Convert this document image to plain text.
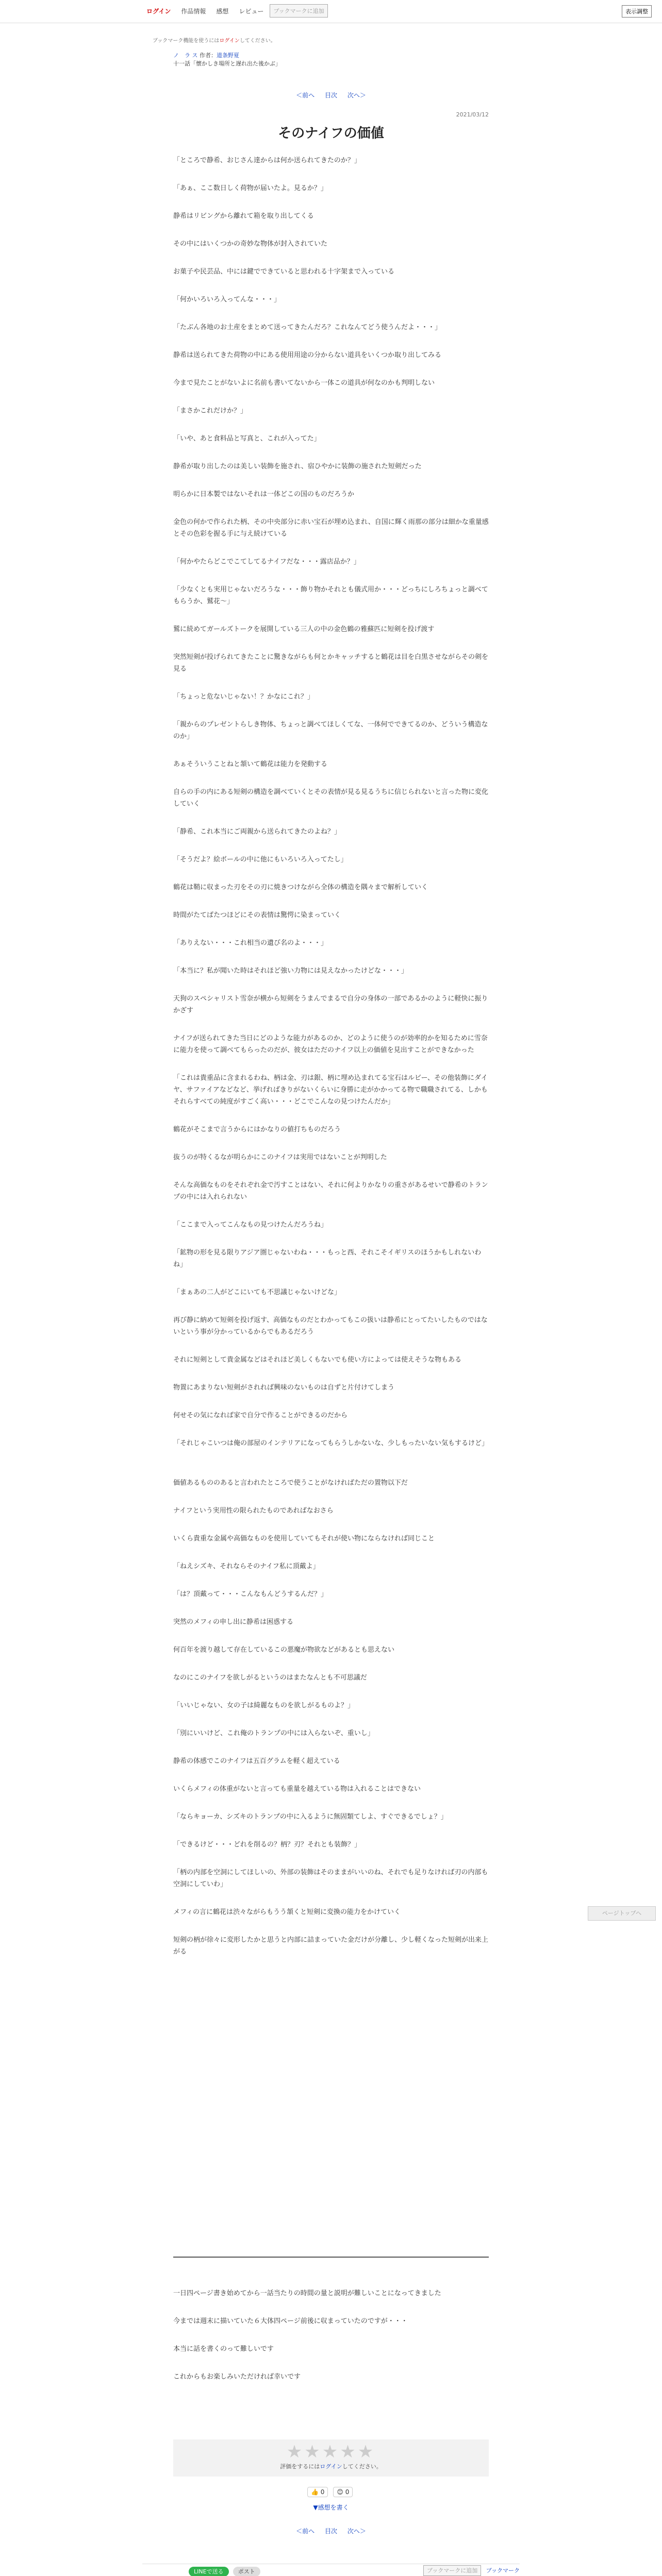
ログイン	作品情報	感想	レビュー	ブックマークに追加	表示調整
ブックマーク機能を使うにはログインしてください。
ノ　ラ ス 作者：道条野夏
十一話「懐かしき場所と遅れ出た後かぶ」
＜前へ 目次 次へ＞
2021/03/12
そのナイフの価値

「ところで静希、おじさん達からは何か送られてきたのか？」

「あぁ、ここ数日しく荷物が届いたよ。見るか？」

静希はリビングから離れて箱を取り出してくる

その中にはいくつかの奇妙な物体が封入されていた

お菓子や民芸品、中には鍵でできていると思われる十字架まで入っている

「何かいろいろ入ってんな・・・」

「たぶん各地のお土産をまとめて送ってきたんだろ？これなんてどう使うんだよ・・・」

静希は送られてきた荷物の中にある使用用途の分からない道具をいくつか取り出してみる

今まで見たことがないよに名前も書いてないから一体この道具が何なのかも判明しない

「まさかこれだけか？」

「いや、あと食料品と写真と、これが入ってた」

静希が取り出したのは美しい装飾を施され、宿ひやかに装飾の施された短剣だった

明らかに日本製ではないそれは一体どこの国のものだろうか

金色の何かで作られた柄、その中央部分に赤い宝石が埋め込まれ、自国に輝く雨那の部分は細かな重量感とその色彩を握る手に与え続けている

「何かやたらどこでこてしてるナイフだな・・・露店品か？」

「少なくとも実用じゃないだろうな・・・飾り物かそれとも儀式用か・・・どっちにしろちょっと調べてもらうか、鷲花〜」

鷲に続めてガールズトークを展開している三人の中の金色鶴の雅蘇匹に短剣を投げ渡す

突然短剣が投げられてきたことに驚きながらも何とかキャッチすると鶴花は目を白黒させながらその剣を見る

「ちょっと危ないじゃない！？かなにこれ？」

「親からのプレゼントらしき物体、ちょっと調べてほしくてな、一体何でできてるのか、どういう構造なのか」

あぁそういうことねと頷いて鶴花は能力を発動する

自らの手の内にある短剣の構造を調べていくとその表情が見る見るうちに信じられないと言った物に変化していく

「静希、これ本当にご両親から送られてきたのよね？」

「そうだよ？絵ボールの中に他にもいろいろ入ってたし」

鶴花は鞘に収まった刃をその刃に焼きつけながら全体の構造を隅々まで解析していく

時間がたてばたつほどにその表情は驚愕に染まっていく

「ありえない・・・これ相当の遺び名のよ・・・」

「本当に？私が聞いた時はそれほど強い力物には見えなかったけどな・・・」

天狗のスペシャリスト雪奈が横から短剣をうまんでまるで自分の身体の一部であるかのように軽快に振りかざす

ナイフが送られてきた当日にどのような能力があるのか、どのように使うのが効率的かを知るために雪奈に能力を使って調べてもらったのだが、彼女はただのナイフ以上の価値を見出すことができなかった

「これは貴重品に含まれるわね、柄は金、刃は銀、柄に埋め込まれてる宝石はルビー、その他装飾にダイヤ、サファイアなどなど、挙げればきりがないくらいに身勝に走がかかってる物で職職されてる、しかもそれらすべての純度がすごく高い・・・どこでこんなの見つけたんだか」

鶴花がそこまで言うからにはかなりの値打ちものだろう

抜うのが特くるなが明らかにこのナイフは実用ではないことが判明した

そんな高価なものをそれぞれ金で汚すことはない、それに何よりかなりの重さがあるせいで静希のトランプの中には入れられない

「ここまで入ってこんなもの見つけたんだろうね」

「鉱物の形を見る限りアジア圏じゃないわね・・・もっと西、それこそイギリスのほうかもしれないわね」

「まぁあの二人がどこにいても不思議じゃないけどな」

再び静に納めて短剣を投げ返す、高価なものだとわかってもこの扱いは静希にとってたいしたものではないという事が分かっているからでもあるだろう

それに短剣として貴金属などはそれほど美しくもないでも使い方によっては使えそうな物もある

物置にあまりない短剣がされれば興味のないものは自ずと片付けてしまう

何せその気になれば家で自分で作ることができるのだから

「それじゃこいつは俺の部屋のインテリアになってもらうしかないな、少しもったいない気もするけど」

価値あるもののあると言われたところで使うことがなければただの置物以下だ

ナイフという実用性の限られたものであればなおさら

いくら貴重な金属や高価なものを使用していてもそれが使い物にならなければ同じこと

「ねえシズキ、それならそのナイフ私に頂戴よ」

「は？頂戴って・・・こんなもんどうするんだ？」

突然のメフィの申し出に静希は困惑する

何百年を渡り越して存在しているこの悪魔が物欲などがあるとも思えない

なのにこのナイフを欲しがるというのはまたなんとも不可思議だ

「いいじゃない、女の子は綺麗なものを欲しがるものよ？」

「別にいいけど、これ俺のトランプの中には入らないぞ、重いし」

静希の体感でこのナイフは五百グラムを軽く超えている

いくらメフィの体重がないと言っても重量を越えている物は入れることはできない

「ならキョーカ、シズキのトランプの中に入るように無固類てしよ、すぐできるでしょ？」

「できるけど・・・どれを削るの？柄？刃？それとも装飾？」

「柄の内部を空洞にしてほしいの、外部の装飾はそのままがいいのね、それでも足りなければ刃の内部も空洞にしていわ」

メフィの言に鶴花は渋々ながらもうう頷くと短剣に変換の能力をかけていく

短剣の柄が徐々に変形したかと思うと内部に詰まっていた金だけが分離し、少し軽くなった短剣が出来上がる

一日四ページ書き始めてから一話当たりの時間の量と説明が難しいことになってきました

今までは週末に描いていた６大体四ページ前後に収まっていたのですが・・・

本当に話を書くのって難しいです

これからもお楽しみいただければ幸いです

★★★★★
評価をするにはログインしてください。
👍 0	😊 0
▼感想を書く
＜前へ 目次 次へ＞
LINEで送る	ポスト	ブックマークに追加 ブックマーク
ページトップへ
